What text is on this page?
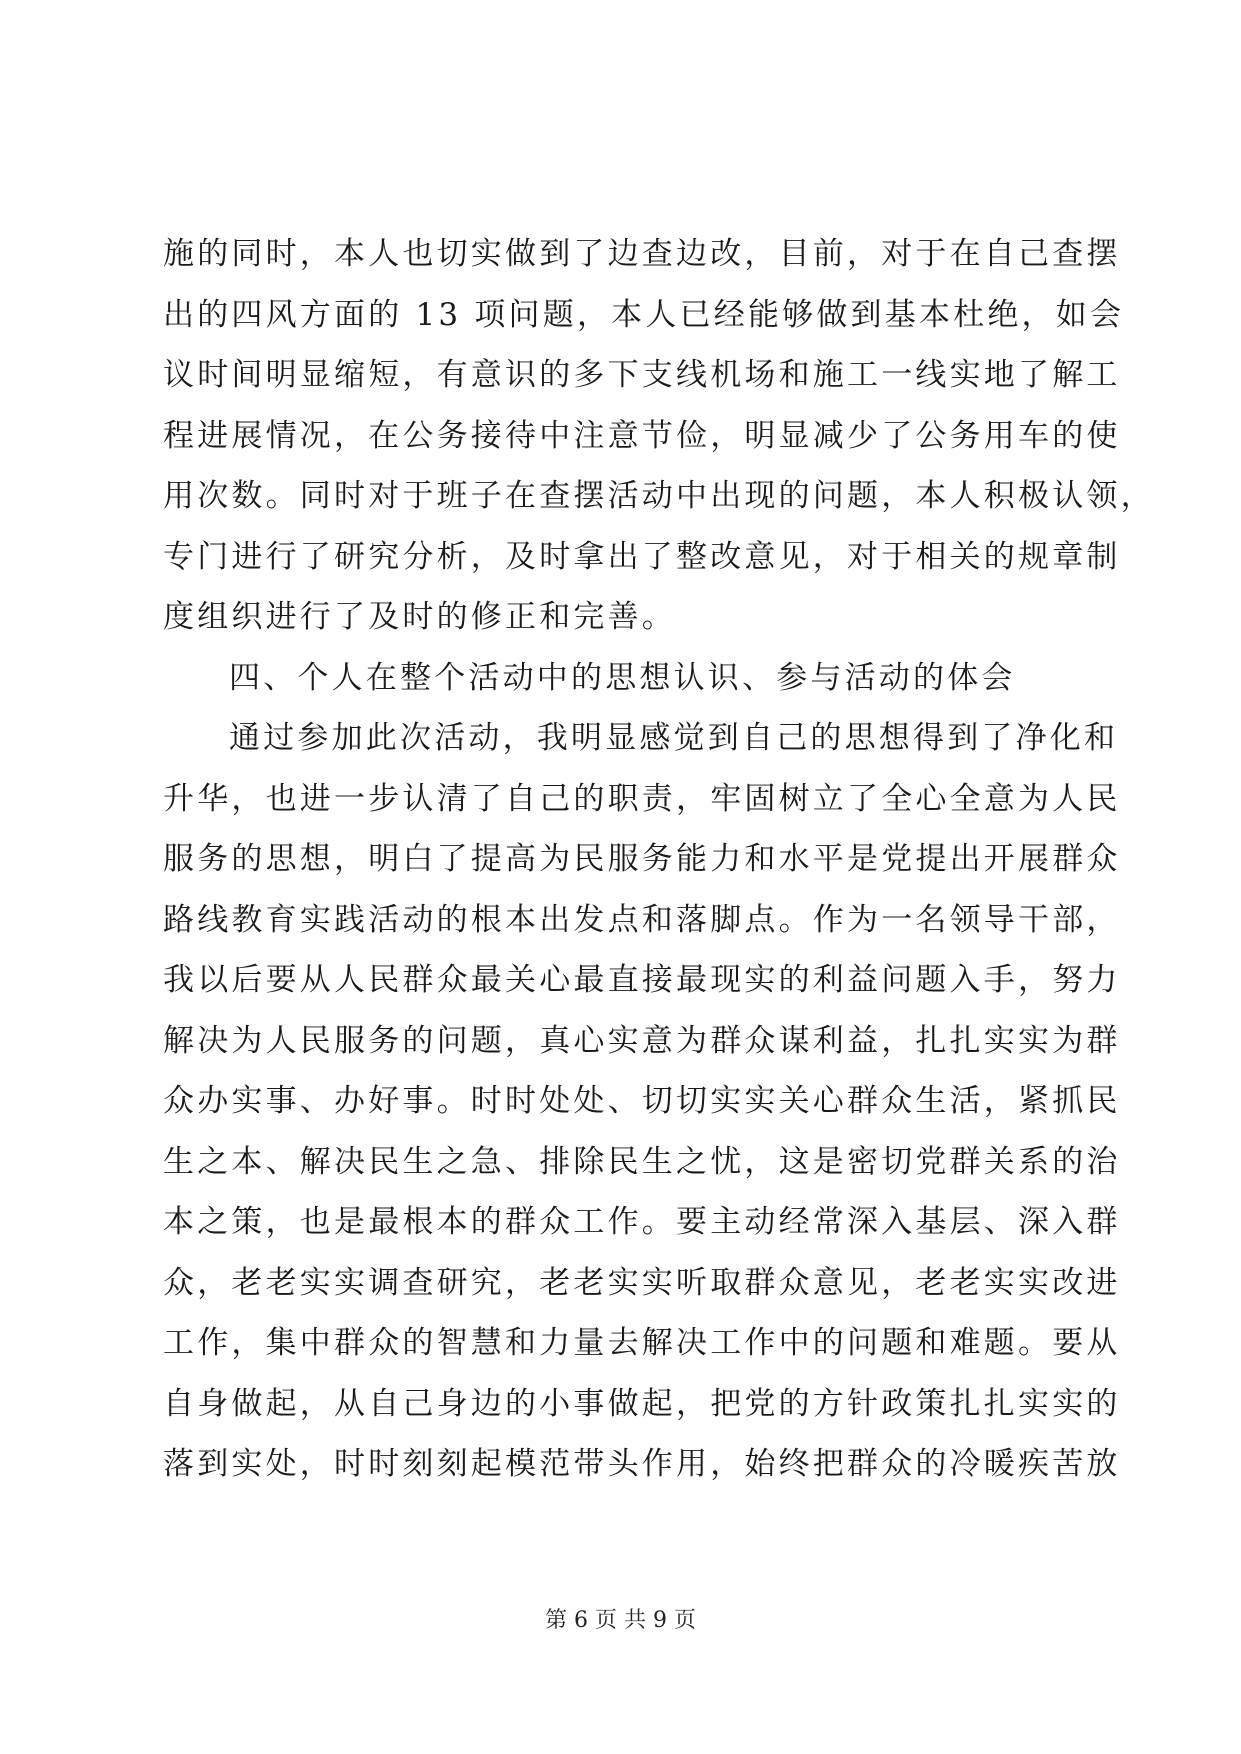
施的同时，本人也切实做到了边查边改，目前，对于在自己查摆
出的四风方面的 13 项问题，本人已经能够做到基本杜绝，如会
议时间明显缩短，有意识的多下支线机场和施工一线实地了解工
程进展情况，在公务接待中注意节俭，明显减少了公务用车的使
用次数。同时对于班子在查摆活动中出现的问题，本人积极认领，
专门进行了研究分析，及时拿出了整改意见，对于相关的规章制
度组织进行了及时的修正和完善。
四、个人在整个活动中的思想认识、参与活动的体会
通过参加此次活动，我明显感觉到自己的思想得到了净化和
升华，也进一步认清了自己的职责，牢固树立了全心全意为人民
服务的思想，明白了提高为民服务能力和水平是党提出开展群众
路线教育实践活动的根本出发点和落脚点。作为一名领导干部，
我以后要从人民群众最关心最直接最现实的利益问题入手，努力
解决为人民服务的问题，真心实意为群众谋利益，扎扎实实为群
众办实事、办好事。时时处处、切切实实关心群众生活，紧抓民
生之本、解决民生之急、排除民生之忧，这是密切党群关系的治
本之策，也是最根本的群众工作。要主动经常深入基层、深入群
众，老老实实调查研究，老老实实听取群众意见，老老实实改进
工作，集中群众的智慧和力量去解决工作中的问题和难题。要从
自身做起，从自己身边的小事做起，把党的方针政策扎扎实实的
落到实处，时时刻刻起模范带头作用，始终把群众的冷暖疾苦放
第 6 页 共 9 页
